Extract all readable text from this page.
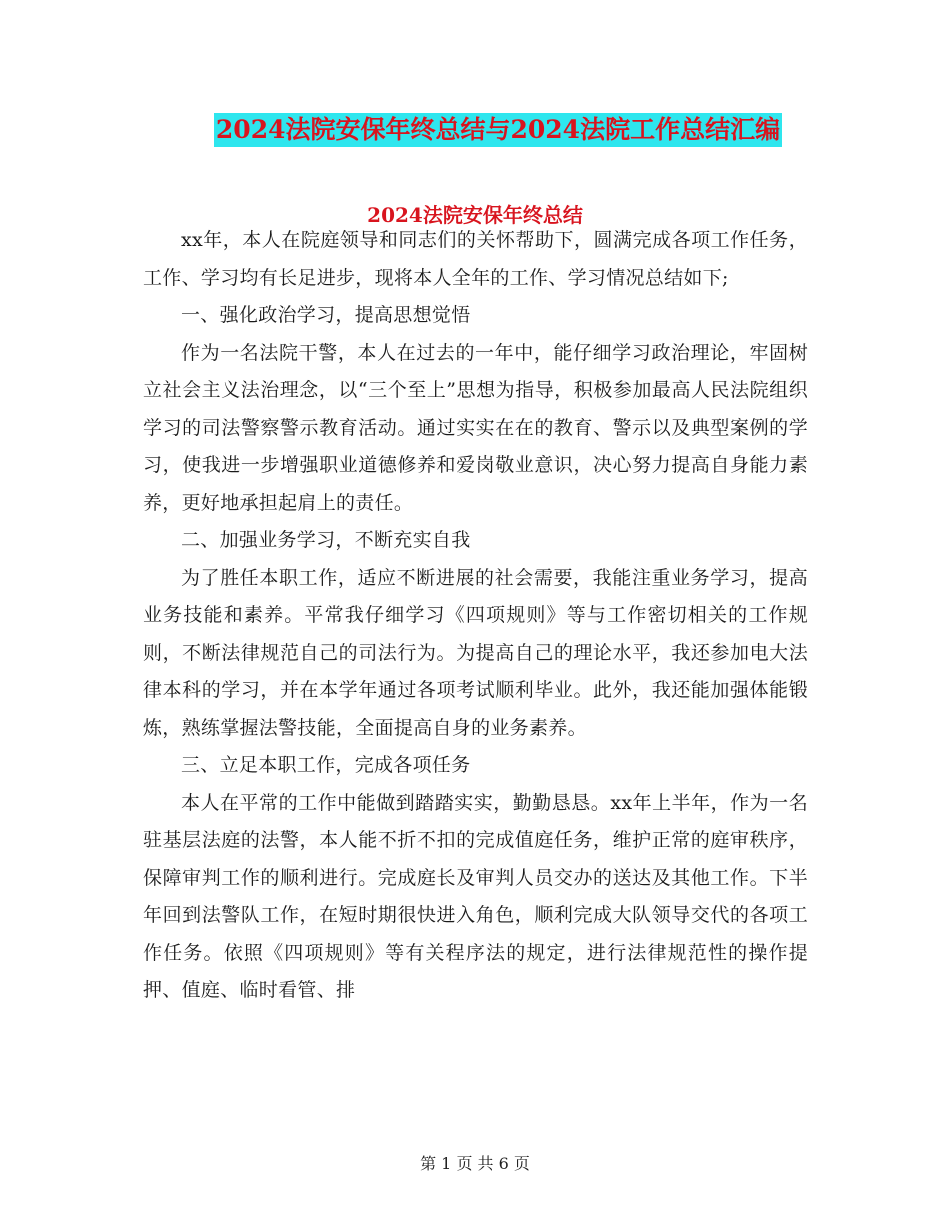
2024法院安保年终总结与2024法院工作总结汇编
2024法院安保年终总结

xx年，本人在院庭领导和同志们的关怀帮助下，圆满完成各项工作任务，工作、学习均有长足进步，现将本人全年的工作、学习情况总结如下;

一、强化政治学习，提高思想觉悟

作为一名法院干警，本人在过去的一年中，能仔细学习政治理论，牢固树立社会主义法治理念，以“三个至上”思想为指导，积极参加最高人民法院组织学习的司法警察警示教育活动。通过实实在在的教育、警示以及典型案例的学习，使我进一步增强职业道德修养和爱岗敬业意识，决心努力提高自身能力素养，更好地承担起肩上的责任。

二、加强业务学习，不断充实自我

为了胜任本职工作，适应不断进展的社会需要，我能注重业务学习，提高业务技能和素养。平常我仔细学习《四项规则》等与工作密切相关的工作规则，不断法律规范自己的司法行为。为提高自己的理论水平，我还参加电大法律本科的学习，并在本学年通过各项考试顺利毕业。此外，我还能加强体能锻炼，熟练掌握法警技能，全面提高自身的业务素养。

三、立足本职工作，完成各项任务

本人在平常的工作中能做到踏踏实实，勤勤恳恳。xx年上半年，作为一名驻基层法庭的法警，本人能不折不扣的完成值庭任务，维护正常的庭审秩序，保障审判工作的顺利进行。完成庭长及审判人员交办的送达及其他工作。下半年回到法警队工作，在短时期很快进入角色，顺利完成大队领导交代的各项工作任务。依照《四项规则》等有关程序法的规定，进行法律规范性的操作提押、值庭、临时看管、排

第 1 页 共 6 页
